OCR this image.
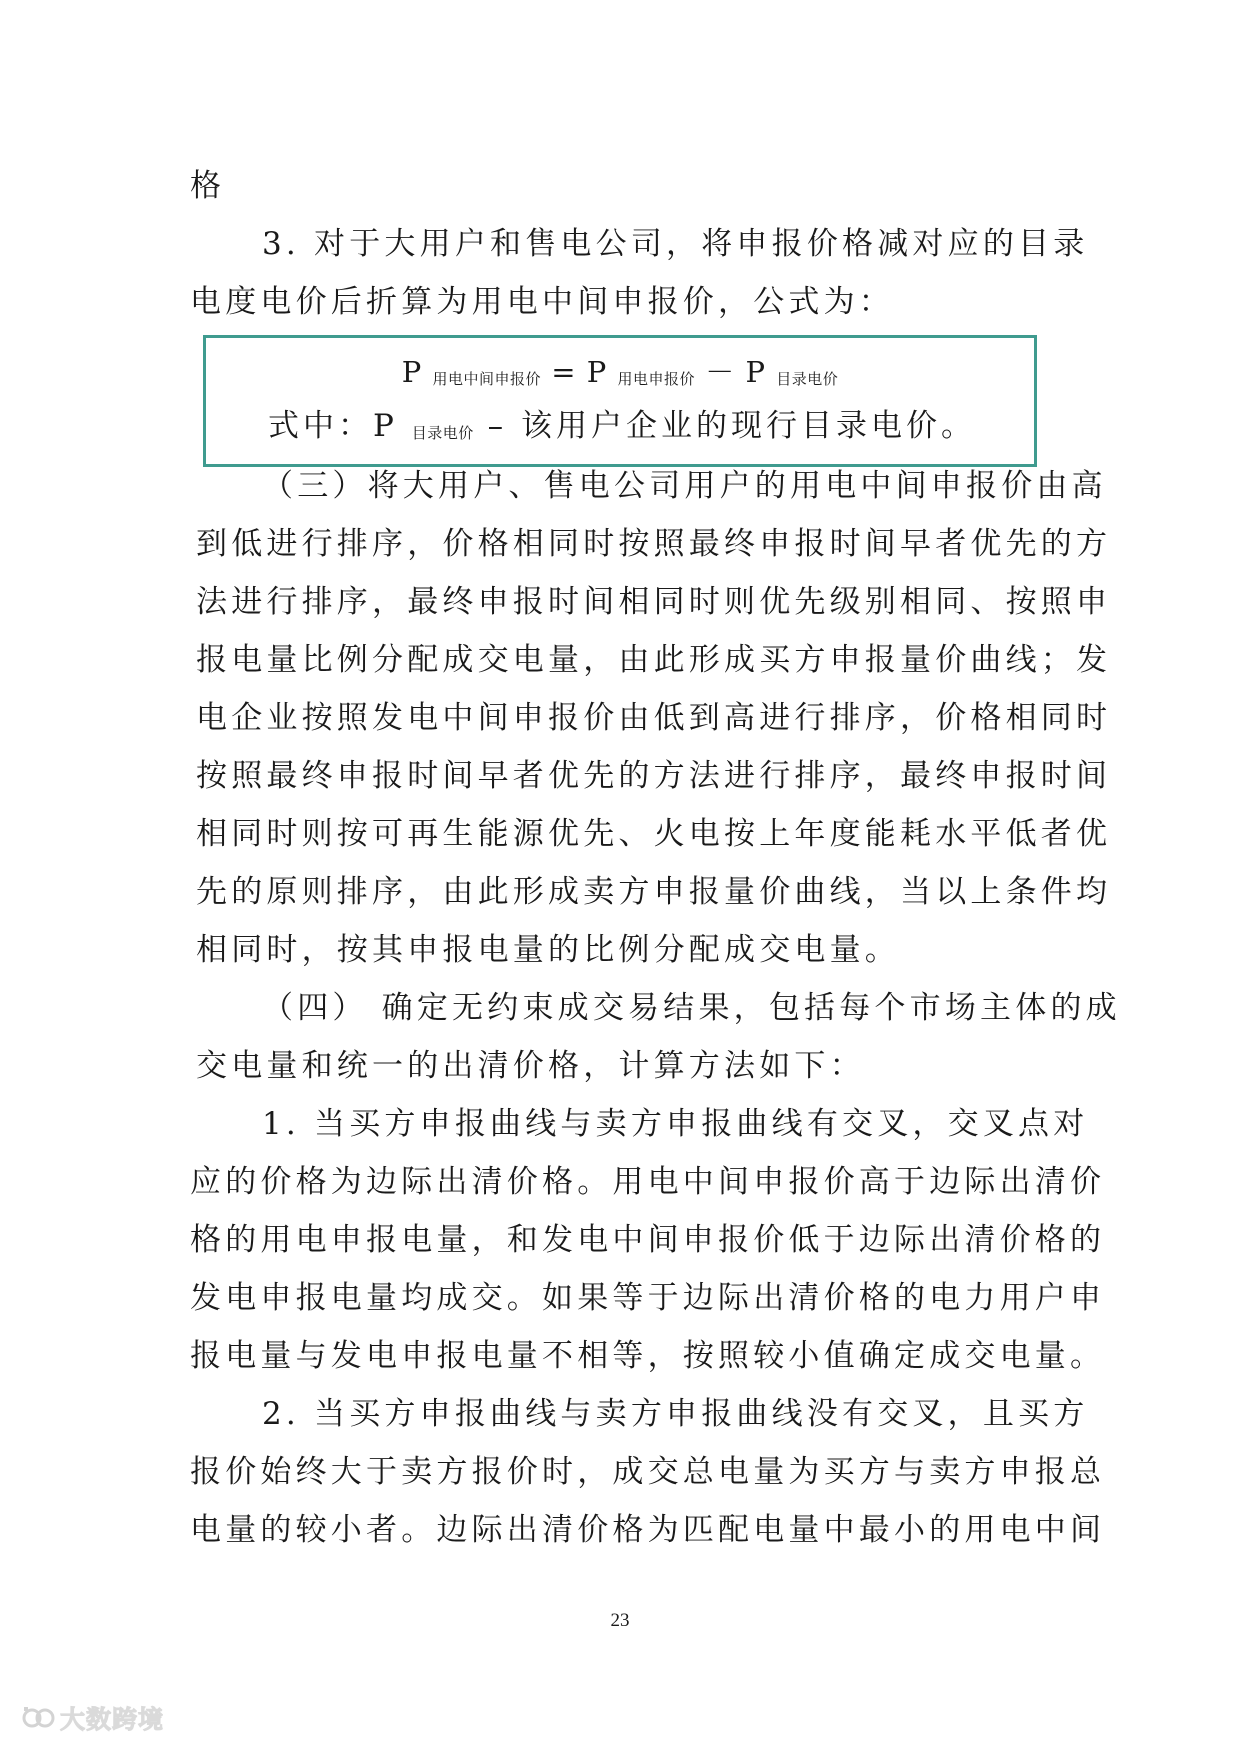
格
3. 对于大用户和售电公司，将申报价格减对应的目录
电度电价后折算为用电中间申报价，公式为：
P 用电中间申报价 = P 用电申报价 － P 目录电价
式中：P 目录电价 – 该用户企业的现行目录电价。
（三）将大用户、售电公司用户的用电中间申报价由高
到低进行排序，价格相同时按照最终申报时间早者优先的方
法进行排序，最终申报时间相同时则优先级别相同、按照申
报电量比例分配成交电量，由此形成买方申报量价曲线；发
电企业按照发电中间申报价由低到高进行排序，价格相同时
按照最终申报时间早者优先的方法进行排序，最终申报时间
相同时则按可再生能源优先、火电按上年度能耗水平低者优
先的原则排序，由此形成卖方申报量价曲线，当以上条件均
相同时，按其申报电量的比例分配成交电量。
（四） 确定无约束成交易结果，包括每个市场主体的成
交电量和统一的出清价格，计算方法如下：
1. 当买方申报曲线与卖方申报曲线有交叉，交叉点对
应的价格为边际出清价格。用电中间申报价高于边际出清价
格的用电申报电量，和发电中间申报价低于边际出清价格的
发电申报电量均成交。如果等于边际出清价格的电力用户申
报电量与发电申报电量不相等，按照较小值确定成交电量。
2. 当买方申报曲线与卖方申报曲线没有交叉，且买方
报价始终大于卖方报价时，成交总电量为买方与卖方申报总
电量的较小者。边际出清价格为匹配电量中最小的用电中间
23
大数跨境
